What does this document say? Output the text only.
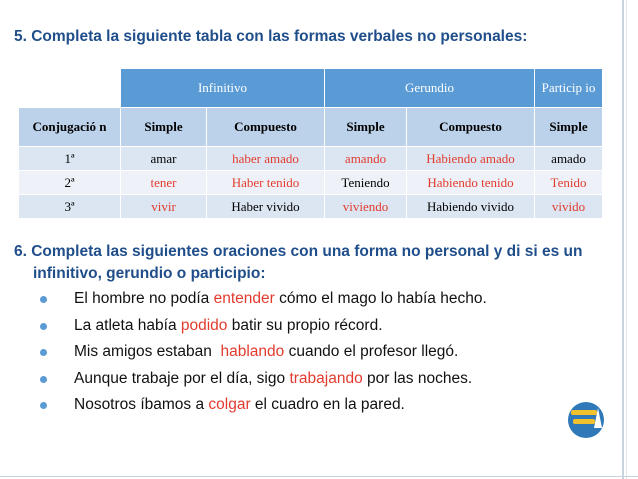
5. Completa la siguiente tabla con las formas verbales no personales:
	Infinitivo		Gerundio		Particip io
Conjugació n	Simple	Compuesto	Simple	Compuesto	Simple
1ª	amar	haber amado	amando	Habiendo amado	amado
2ª	tener	Haber tenido	Teniendo	Habiendo tenido	Tenido
3ª	vivir	Haber vivido	viviendo	Habiendo vivido	vivido
6. Completa las siguientes oraciones con una forma no personal y di si es un
infinitivo, gerundio o participio:
El hombre no podía entender cómo el mago lo había hecho.
La atleta había podido batir su propio récord.
Mis amigos estaban  hablando cuando el profesor llegó.
Aunque trabaje por el día, sigo trabajando por las noches.
Nosotros íbamos a colgar el cuadro en la pared.
